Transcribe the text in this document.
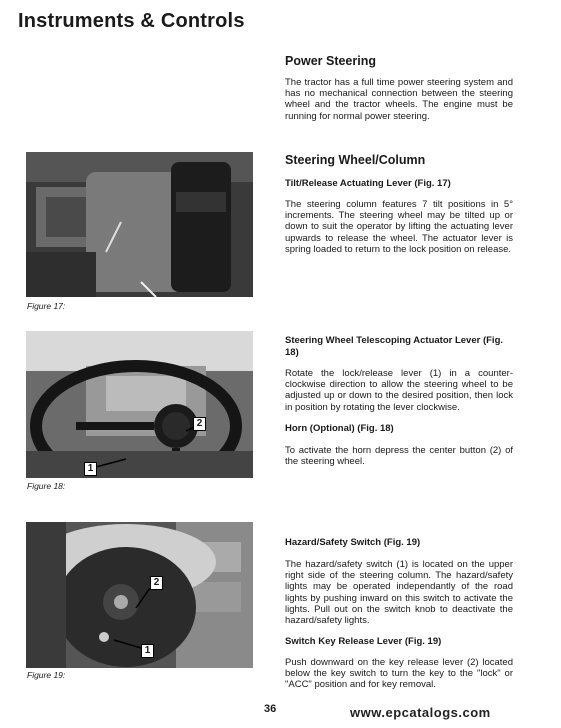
Instruments & Controls
Power Steering
The tractor has a full time power steering system and has no mechanical connection between the steering wheel and the tractor wheels. The engine must be running for normal power steering.
Steering Wheel/Column
Tilt/Release Actuating Lever (Fig. 17)
The steering column features 7 tilt positions in 5° increments. The steering wheel may be tilted up or down to suit the operator by lifting the actuating lever upwards to release the wheel. The actuator lever is spring loaded to return to the lock position on release.
Figure 17:
Steering Wheel Telescoping Actuator Lever (Fig. 18)
Rotate the lock/release lever (1) in a counter-clockwise direction to allow the steering wheel to be adjusted up or down to the desired position, then lock in position by rotating the lever clockwise.
Horn (Optional) (Fig. 18)
To activate the horn depress the center button (2) of the steering wheel.
2
1
Figure 18:
Hazard/Safety Switch (Fig. 19)
The hazard/safety switch (1) is located on the upper right side of the steering column. The hazard/safety lights may be operated independantly of the road lights by pushing inward on this switch to activate the lights. Pull out on the switch knob to deactivate the hazard/safety lights.
Switch Key Release Lever (Fig. 19)
Push downward on the key release lever (2) located below the key switch to turn the key to the "lock" or "ACC" position and for key removal.
2
1
Figure 19:
36	www.epcatalogs.com
